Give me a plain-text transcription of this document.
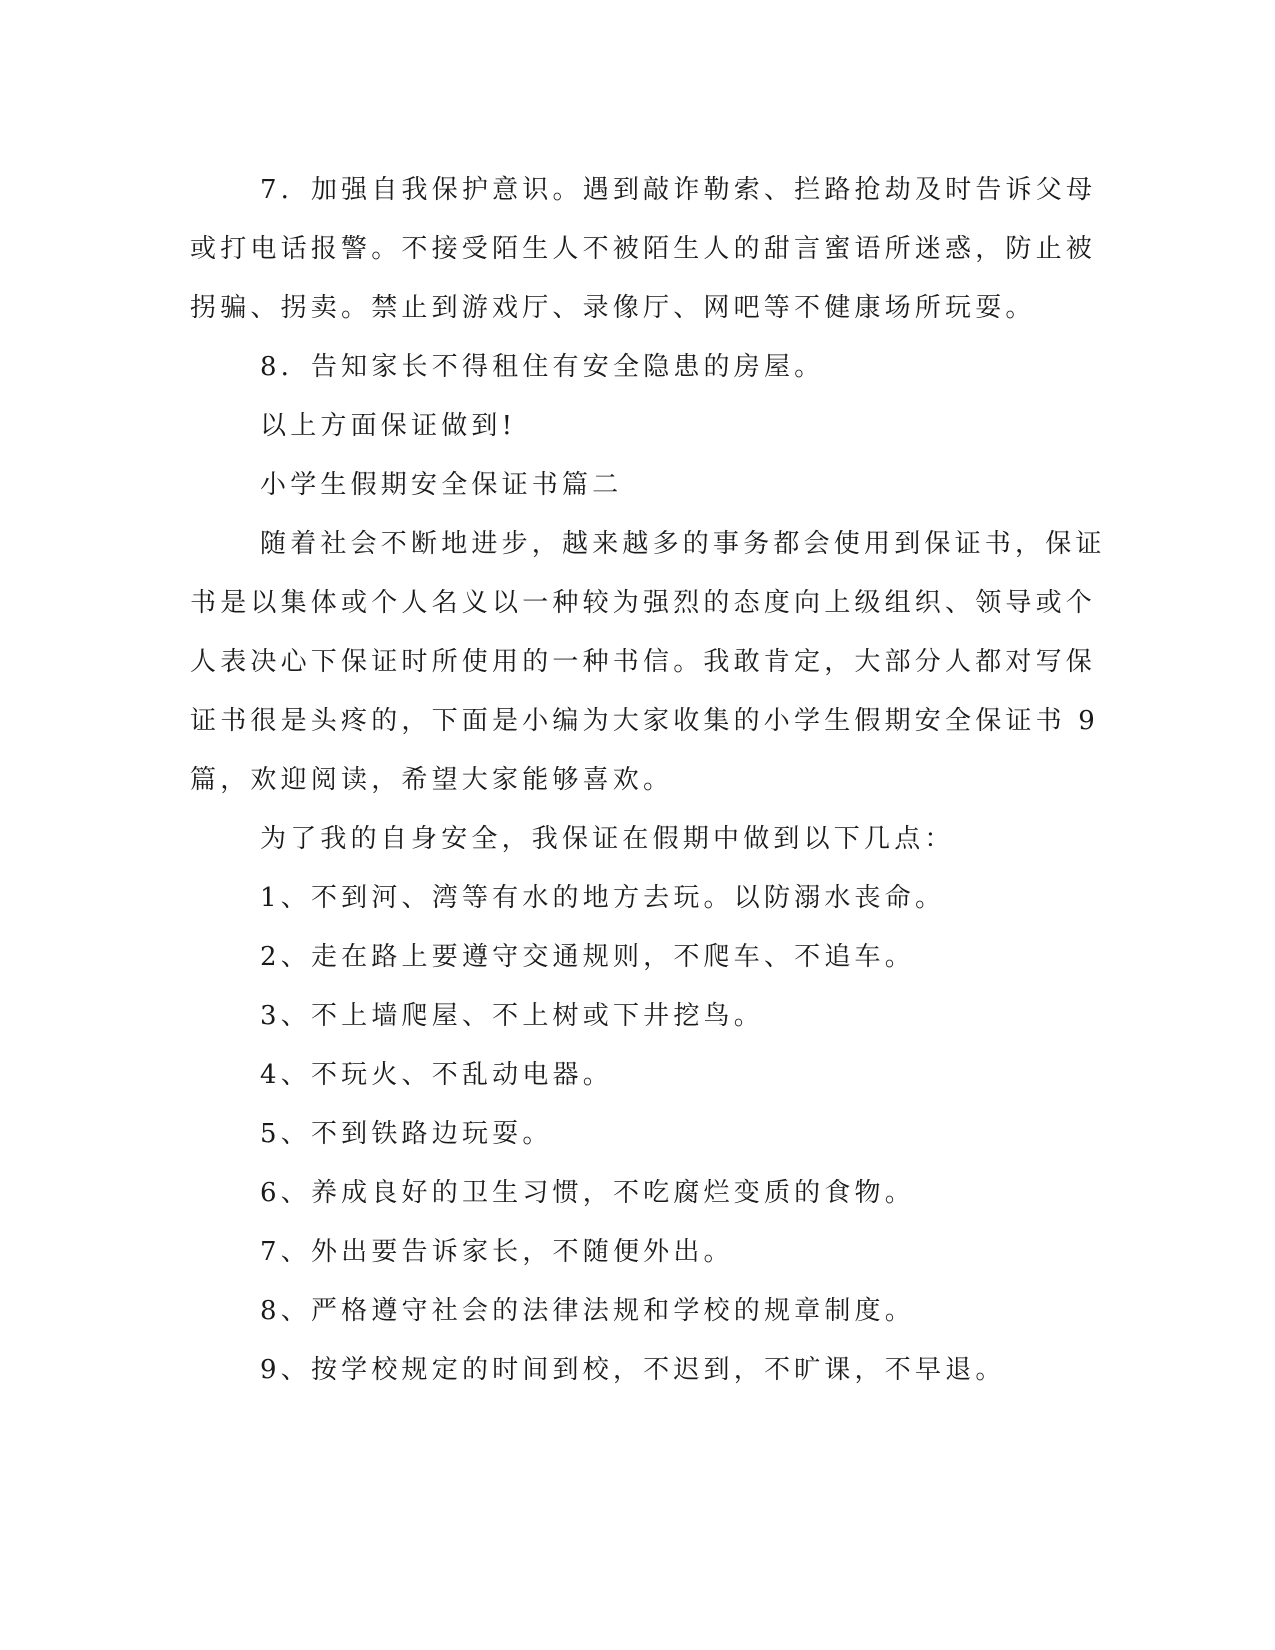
7．加强自我保护意识。遇到敲诈勒索、拦路抢劫及时告诉父母
或打电话报警。不接受陌生人不被陌生人的甜言蜜语所迷惑，防止被
拐骗、拐卖。禁止到游戏厅、录像厅、网吧等不健康场所玩耍。
8．告知家长不得租住有安全隐患的房屋。
以上方面保证做到!
小学生假期安全保证书篇二
随着社会不断地进步，越来越多的事务都会使用到保证书，保证
书是以集体或个人名义以一种较为强烈的态度向上级组织、领导或个
人表决心下保证时所使用的一种书信。我敢肯定，大部分人都对写保
证书很是头疼的，下面是小编为大家收集的小学生假期安全保证书 9
篇，欢迎阅读，希望大家能够喜欢。
为了我的自身安全，我保证在假期中做到以下几点：
1、不到河、湾等有水的地方去玩。以防溺水丧命。
2、走在路上要遵守交通规则，不爬车、不追车。
3、不上墙爬屋、不上树或下井挖鸟。
4、不玩火、不乱动电器。
5、不到铁路边玩耍。
6、养成良好的卫生习惯，不吃腐烂变质的食物。
7、外出要告诉家长，不随便外出。
8、严格遵守社会的法律法规和学校的规章制度。
9、按学校规定的时间到校，不迟到，不旷课，不早退。
